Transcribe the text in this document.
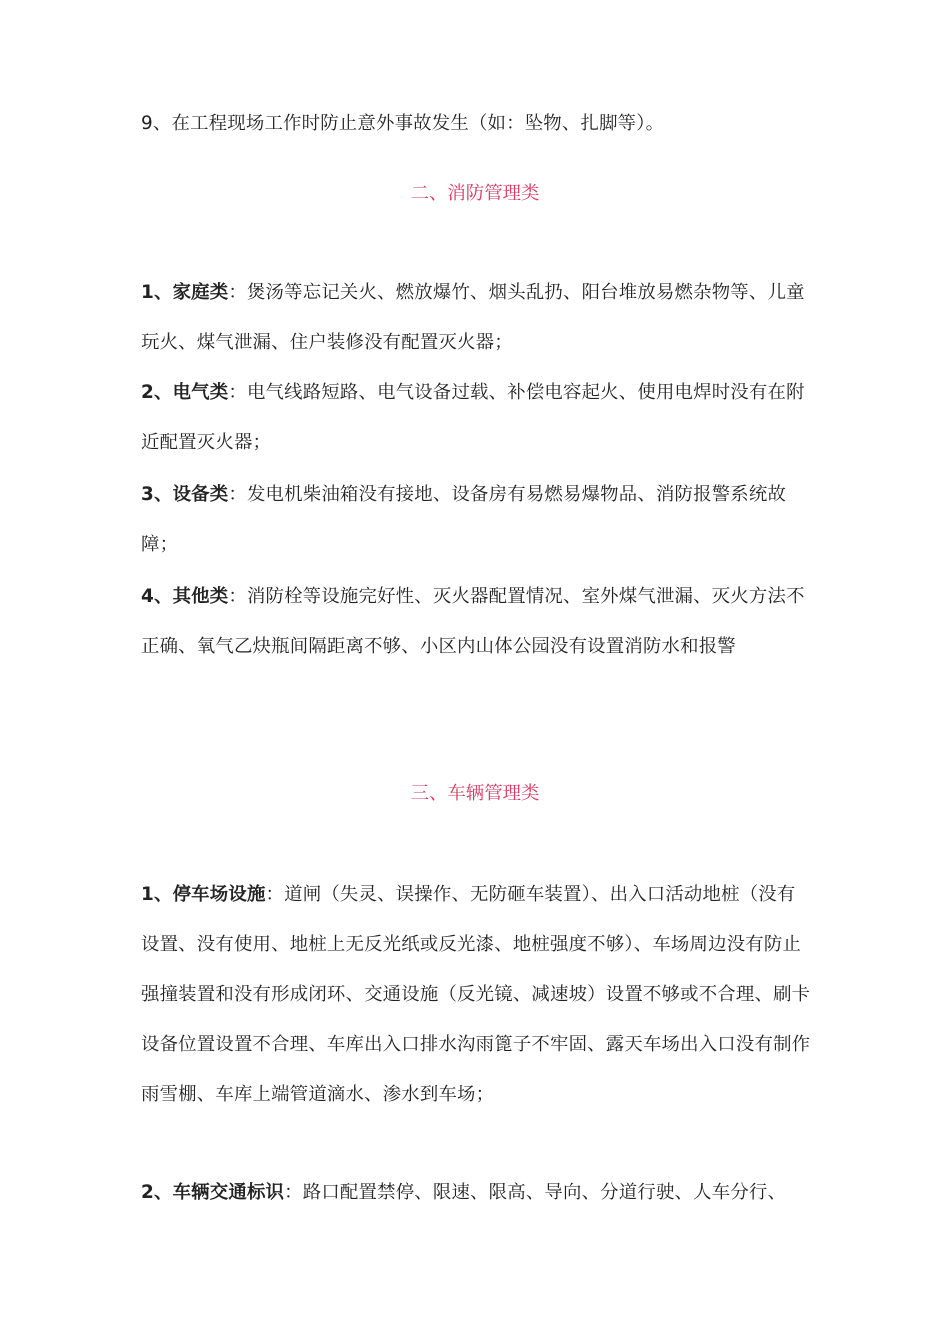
9、在工程现场工作时防止意外事故发生（如：坠物、扎脚等）。

二、消防管理类

1、家庭类：煲汤等忘记关火、燃放爆竹、烟头乱扔、阳台堆放易燃杂物等、儿童玩火、煤气泄漏、住户装修没有配置灭火器；

2、电气类：电气线路短路、电气设备过载、补偿电容起火、使用电焊时没有在附近配置灭火器；

3、设备类：发电机柴油箱没有接地、设备房有易燃易爆物品、消防报警系统故障；

4、其他类：消防栓等设施完好性、灭火器配置情况、室外煤气泄漏、灭火方法不正确、氧气乙炔瓶间隔距离不够、小区内山体公园没有设置消防水和报警

三、车辆管理类

1、停车场设施：道闸（失灵、误操作、无防砸车装置）、出入口活动地桩（没有设置、没有使用、地桩上无反光纸或反光漆、地桩强度不够）、车场周边没有防止强撞装置和没有形成闭环、交通设施（反光镜、减速坡）设置不够或不合理、刷卡设备位置设置不合理、车库出入口排水沟雨篦子不牢固、露天车场出入口没有制作雨雪棚、车库上端管道滴水、渗水到车场；

2、车辆交通标识：路口配置禁停、限速、限高、导向、分道行驶、人车分行、
